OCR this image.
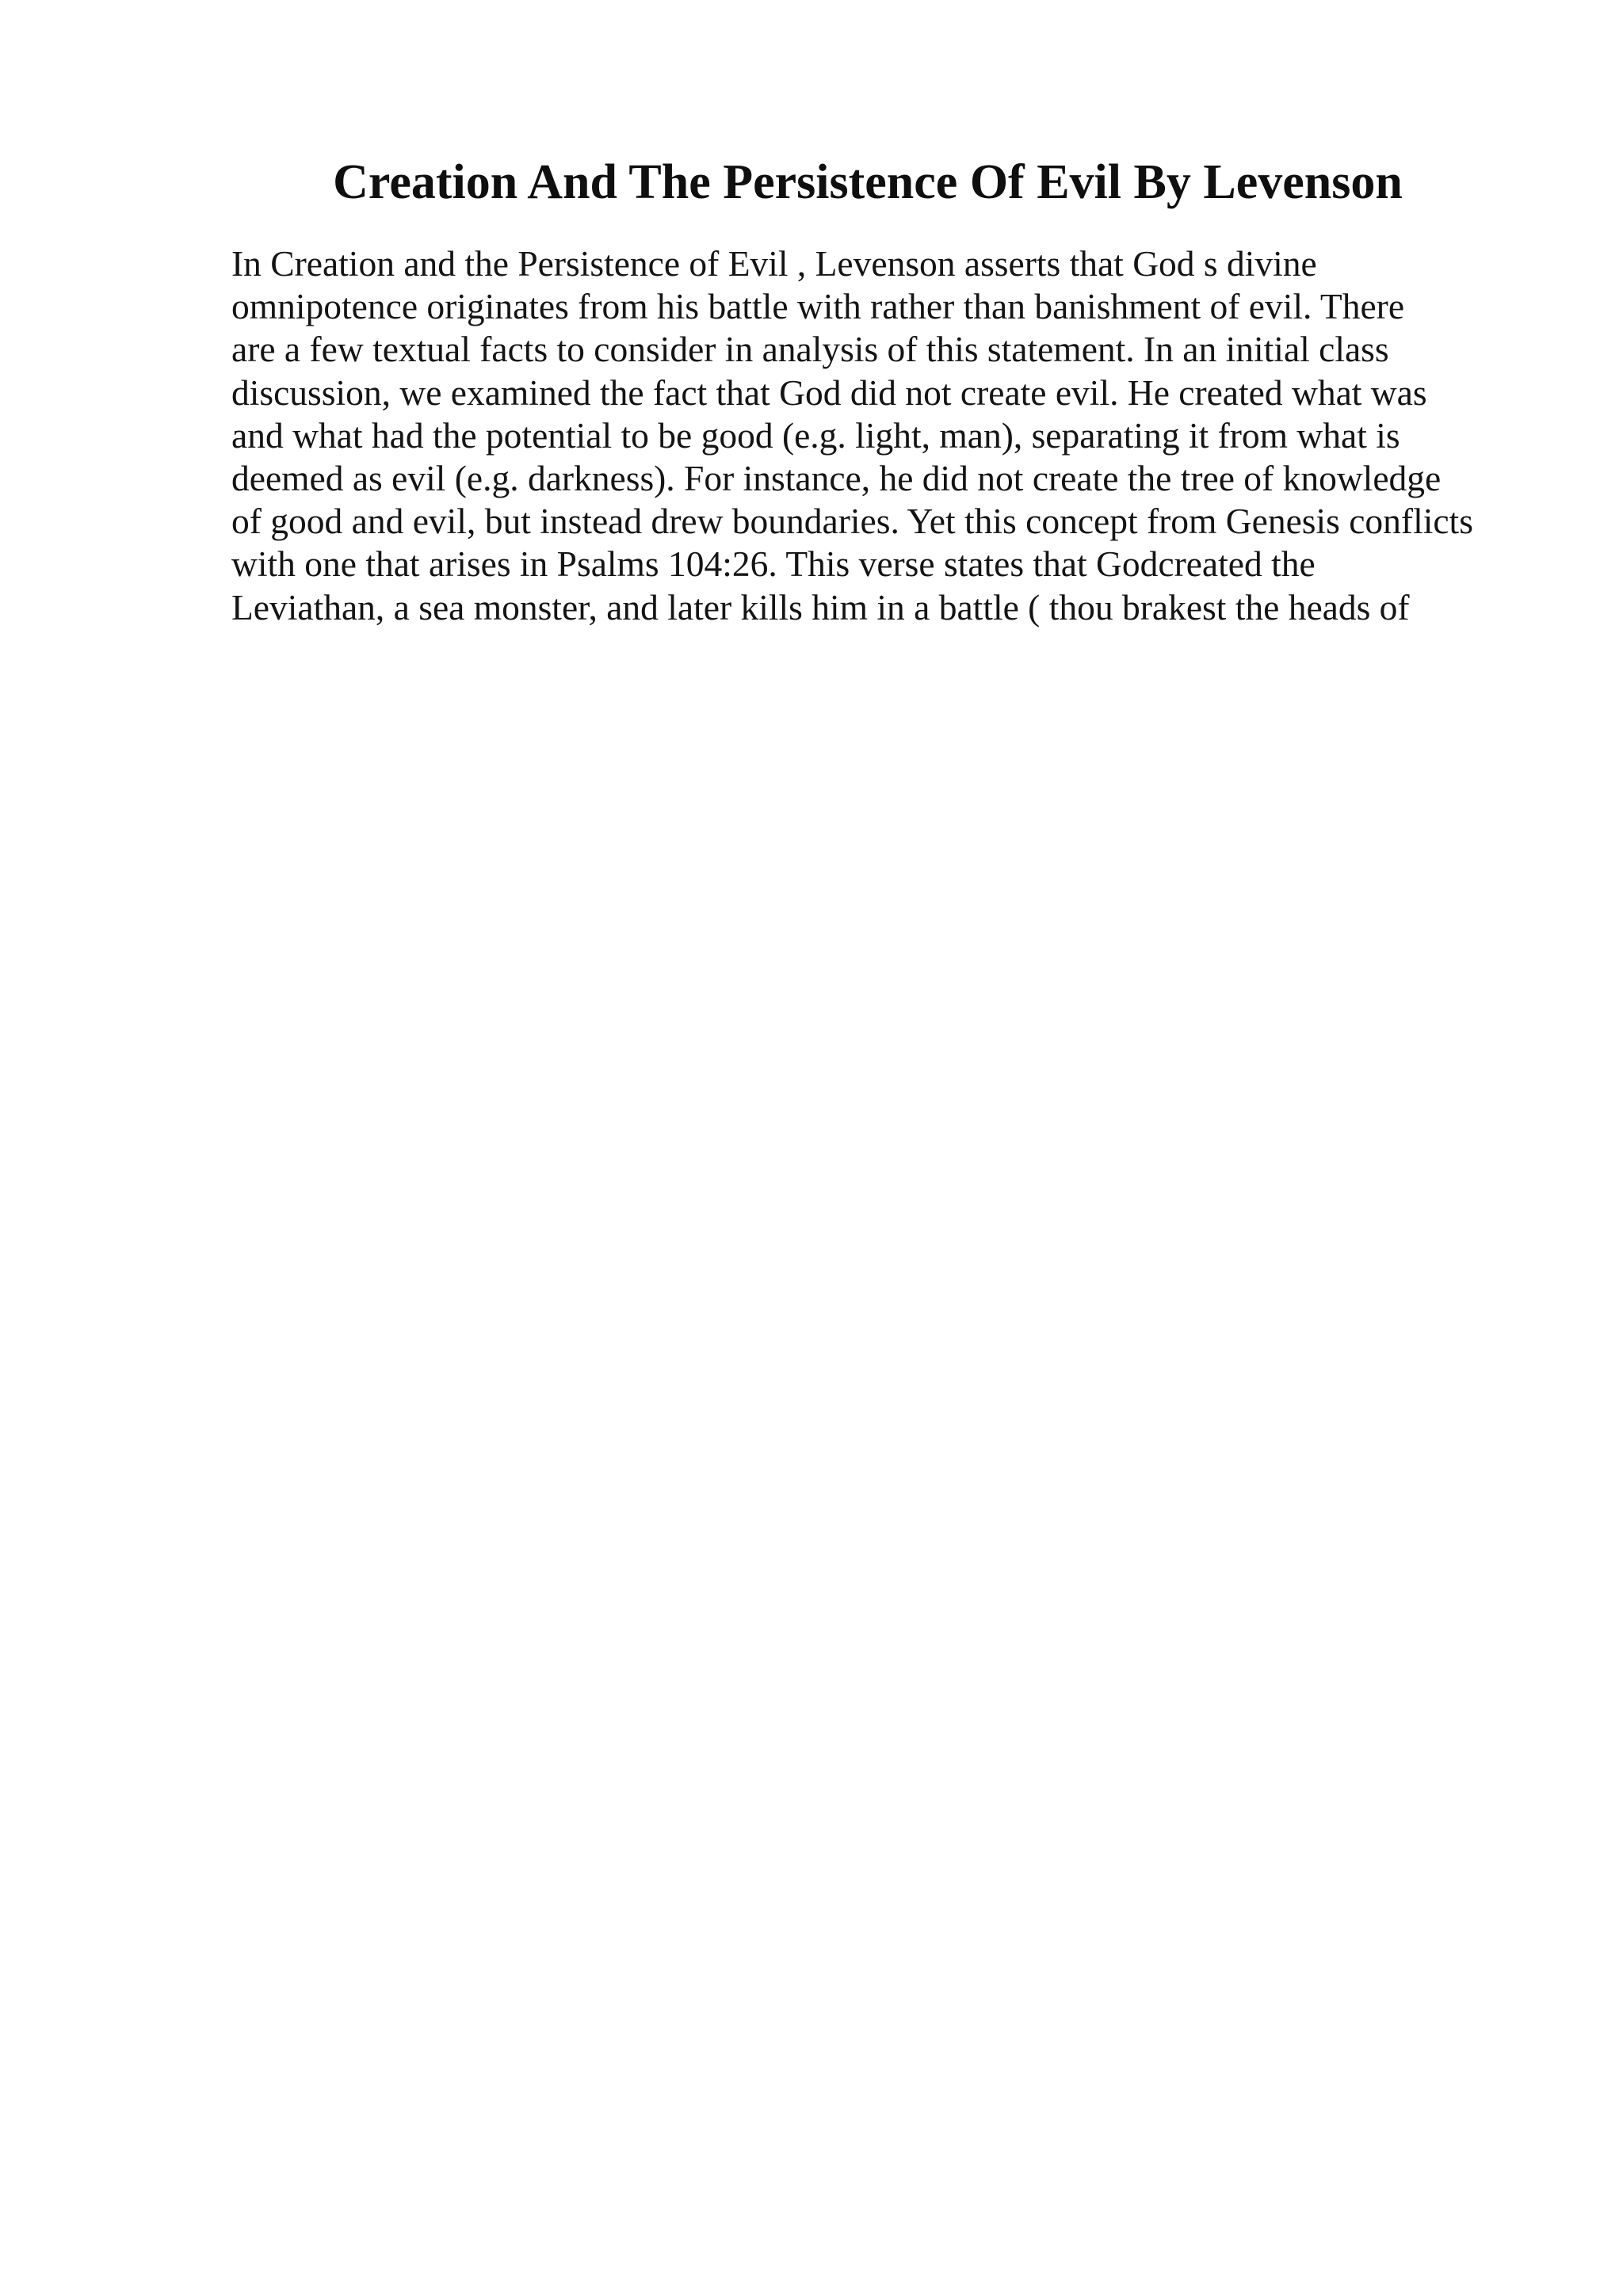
Creation And The Persistence Of Evil By Levenson

In Creation and the Persistence of Evil , Levenson asserts that God s divine
omnipotence originates from his battle with rather than banishment of evil. There
are a few textual facts to consider in analysis of this statement. In an initial class
discussion, we examined the fact that God did not create evil. He created what was
and what had the potential to be good (e.g. light, man), separating it from what is
deemed as evil (e.g. darkness). For instance, he did not create the tree of knowledge
of good and evil, but instead drew boundaries. Yet this concept from Genesis conflicts
with one that arises in Psalms 104:26. This verse states that Godcreated the
Leviathan, a sea monster, and later kills him in a battle ( thou brakest the heads of
